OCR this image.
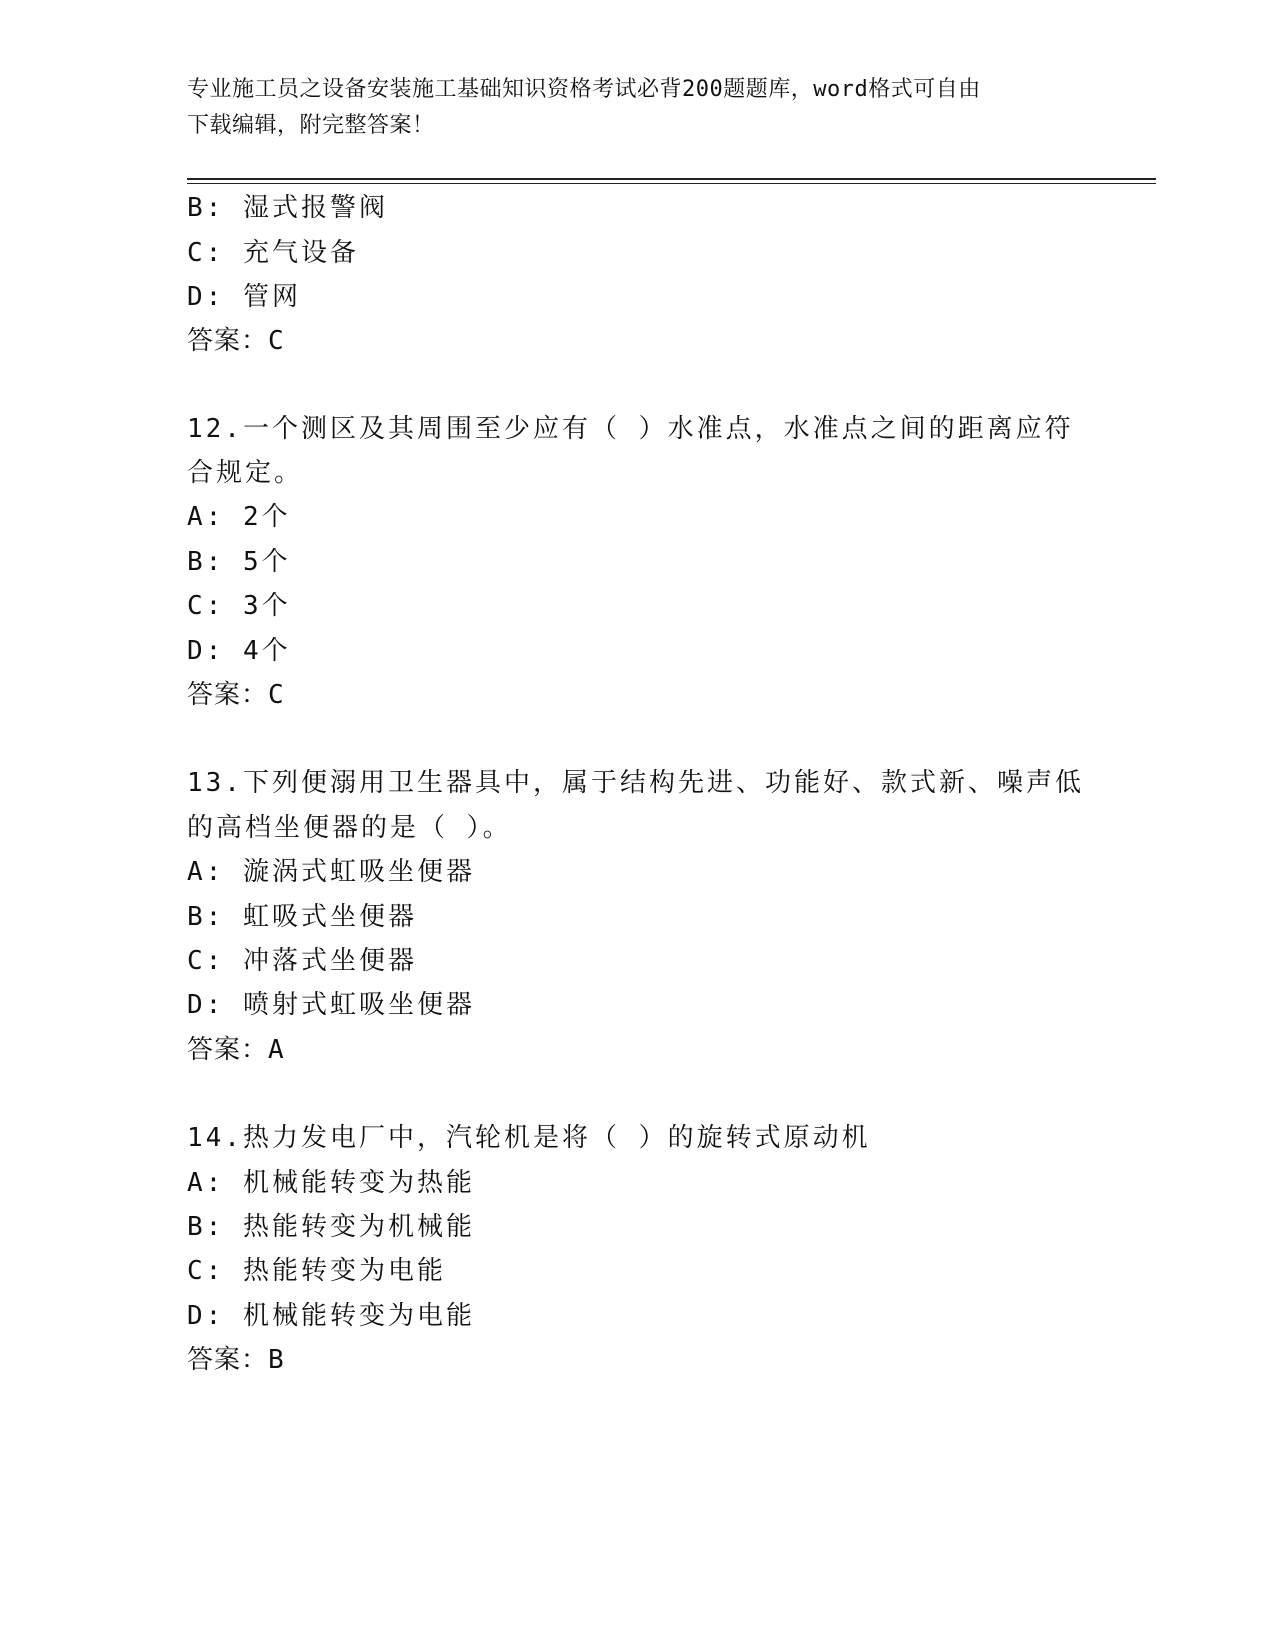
专业施工员之设备安装施工基础知识资格考试必背200题题库，word格式可自由
下载编辑，附完整答案！
B: 湿式报警阀
C: 充气设备
D: 管网
答案：C
12.一个测区及其周围至少应有（ ）水准点，水准点之间的距离应符
合规定。
A: 2个
B: 5个
C: 3个
D: 4个
答案：C
13.下列便溺用卫生器具中，属于结构先进、功能好、款式新、噪声低
的高档坐便器的是（ ）。
A: 漩涡式虹吸坐便器
B: 虹吸式坐便器
C: 冲落式坐便器
D: 喷射式虹吸坐便器
答案：A
14.热力发电厂中，汽轮机是将（ ）的旋转式原动机
A: 机械能转变为热能
B: 热能转变为机械能
C: 热能转变为电能
D: 机械能转变为电能
答案：B
